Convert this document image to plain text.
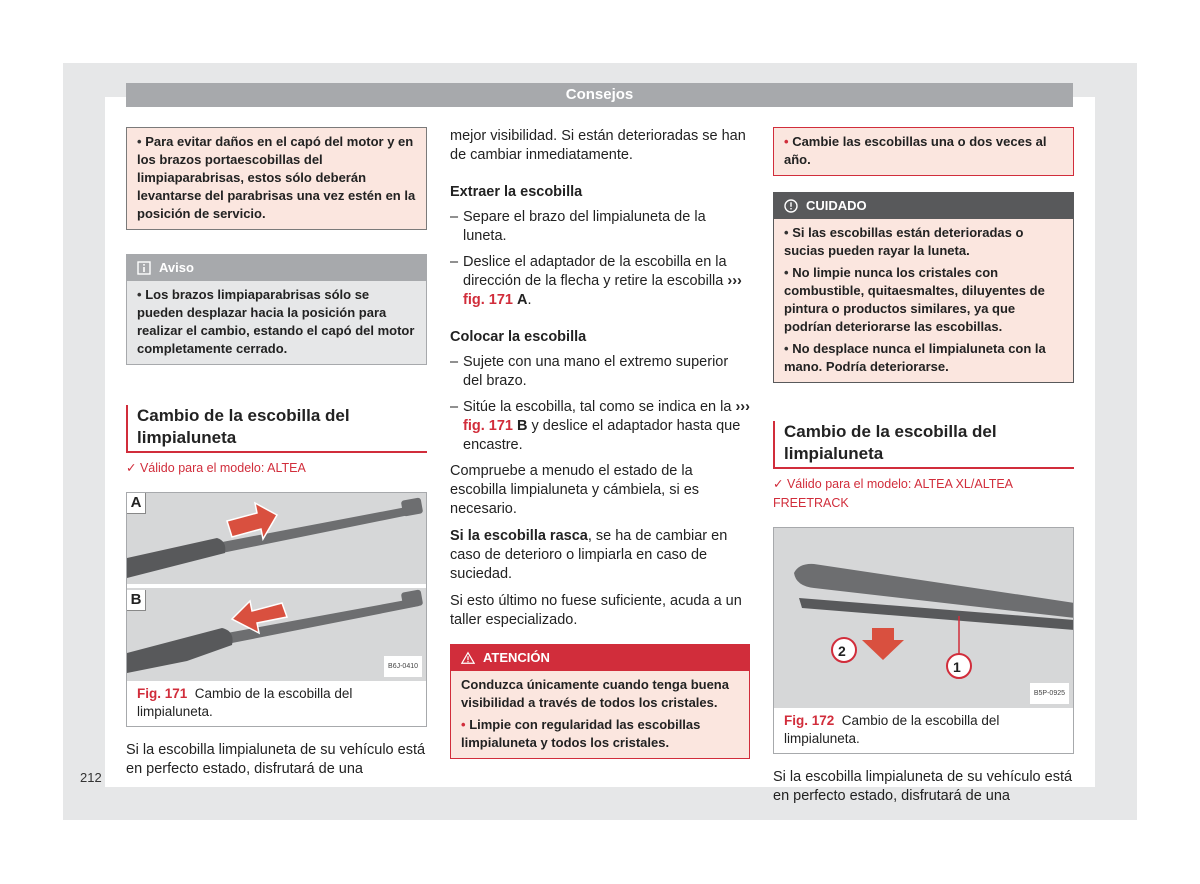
Consejos
212
• Para evitar daños en el capó del motor y en los brazos portaescobillas del limpiaparabrisas, estos sólo deberán levantarse del parabrisas una vez estén en la posición de servicio.
Aviso
• Los brazos limpiaparabrisas sólo se pueden desplazar hacia la posición para realizar el cambio, estando el capó del motor completamente cerrado.
Cambio de la escobilla del limpialuneta
✓ Válido para el modelo: ALTEA
A
B
B6J-0410
Fig. 171 Cambio de la escobilla del limpialuneta.

Si la escobilla limpialuneta de su vehículo está en perfecto estado, disfrutará de una

mejor visibilidad. Si están deterioradas se han de cambiar inmediatamente.

Extraer la escobilla
– Separe el brazo del limpialuneta de la luneta.
– Deslice el adaptador de la escobilla en la dirección de la flecha y retire la escobilla ››› fig. 171 A.
Colocar la escobilla
– Sujete con una mano el extremo superior del brazo.
– Sitúe la escobilla, tal como se indica en la ››› fig. 171 B y deslice el adaptador hasta que encastre.

Compruebe a menudo el estado de la escobilla limpialuneta y cámbiela, si es necesario.

Si la escobilla rasca, se ha de cambiar en caso de deterioro o limpiarla en caso de suciedad.

Si esto último no fuese suficiente, acuda a un taller especializado.

ATENCIÓN

Conduzca únicamente cuando tenga buena visibilidad a través de todos los cristales.

• Limpie con regularidad las escobillas limpialuneta y todos los cristales.

• Cambie las escobillas una o dos veces al año.
CUIDADO

• Si las escobillas están deterioradas o sucias pueden rayar la luneta.

• No limpie nunca los cristales con combustible, quitaesmaltes, diluyentes de pintura o productos similares, ya que podrían deteriorarse las escobillas.

• No desplace nunca el limpialuneta con la mano. Podría deteriorarse.

Cambio de la escobilla del limpialuneta
✓ Válido para el modelo: ALTEA XL/ALTEA FREETRACK
1
2
B5P-0925
Fig. 172 Cambio de la escobilla del limpialuneta.

Si la escobilla limpialuneta de su vehículo está en perfecto estado, disfrutará de una
